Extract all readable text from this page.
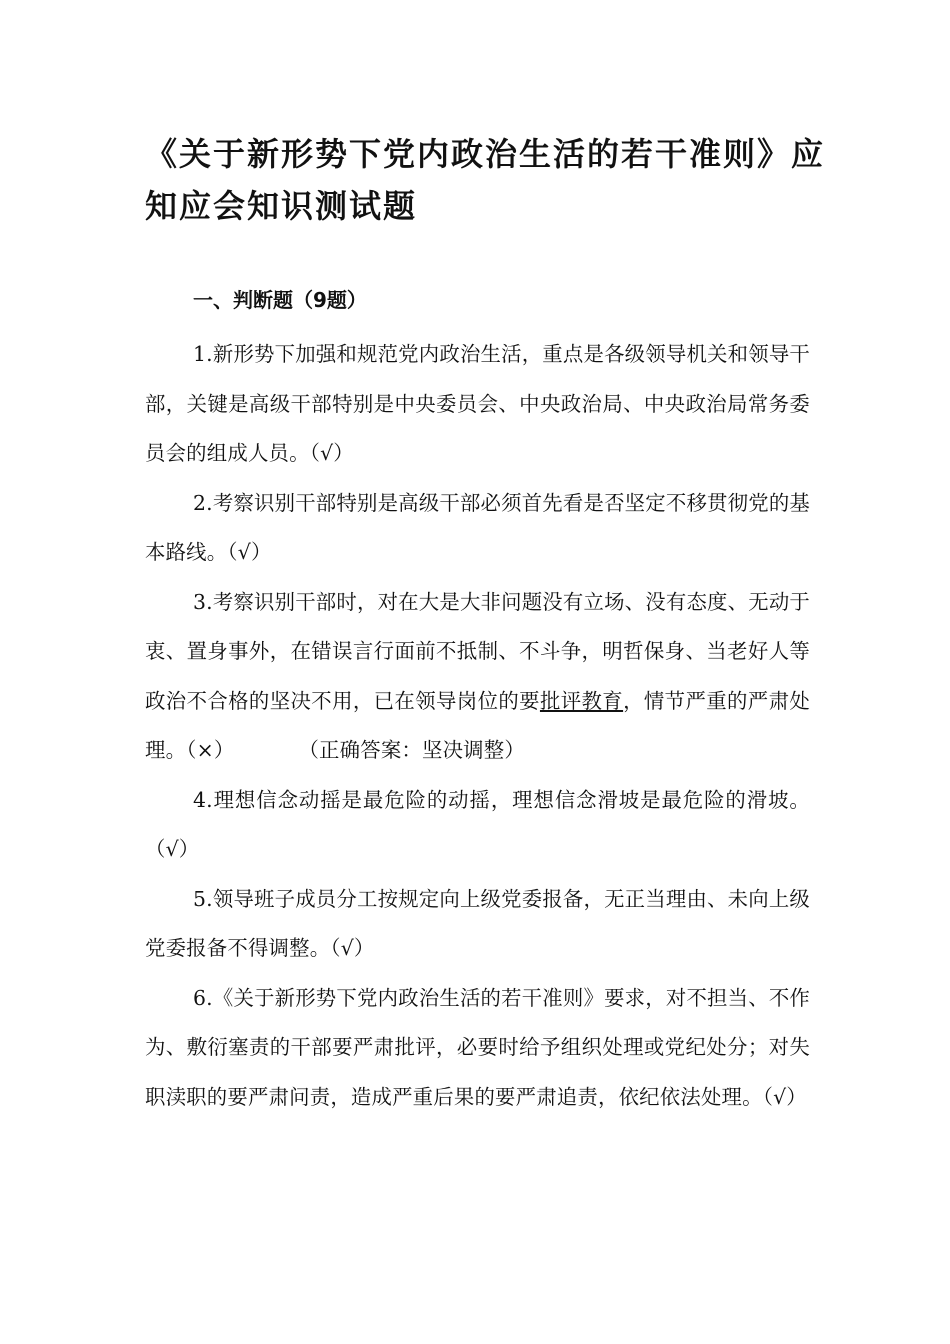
《关于新形势下党内政治生活的若干准则》应知应会知识测试题
一、判断题（9题）
1.新形势下加强和规范党内政治生活，重点是各级领导机关和领导干部，关键是高级干部特别是中央委员会、中央政治局、中央政治局常务委员会的组成人员。（√）
2.考察识别干部特别是高级干部必须首先看是否坚定不移贯彻党的基本路线。（√）
3.考察识别干部时，对在大是大非问题没有立场、没有态度、无动于衷、置身事外，在错误言行面前不抵制、不斗争，明哲保身、当老好人等政治不合格的坚决不用，已在领导岗位的要批评教育，情节严重的严肃处理。（×）	（正确答案：坚决调整）
4.理想信念动摇是最危险的动摇，理想信念滑坡是最危险的滑坡。（√）
5.领导班子成员分工按规定向上级党委报备，无正当理由、未向上级党委报备不得调整。（√）
6.《关于新形势下党内政治生活的若干准则》要求，对不担当、不作为、敷衍塞责的干部要严肃批评，必要时给予组织处理或党纪处分；对失职渎职的要严肃问责，造成严重后果的要严肃追责，依纪依法处理。（√）
